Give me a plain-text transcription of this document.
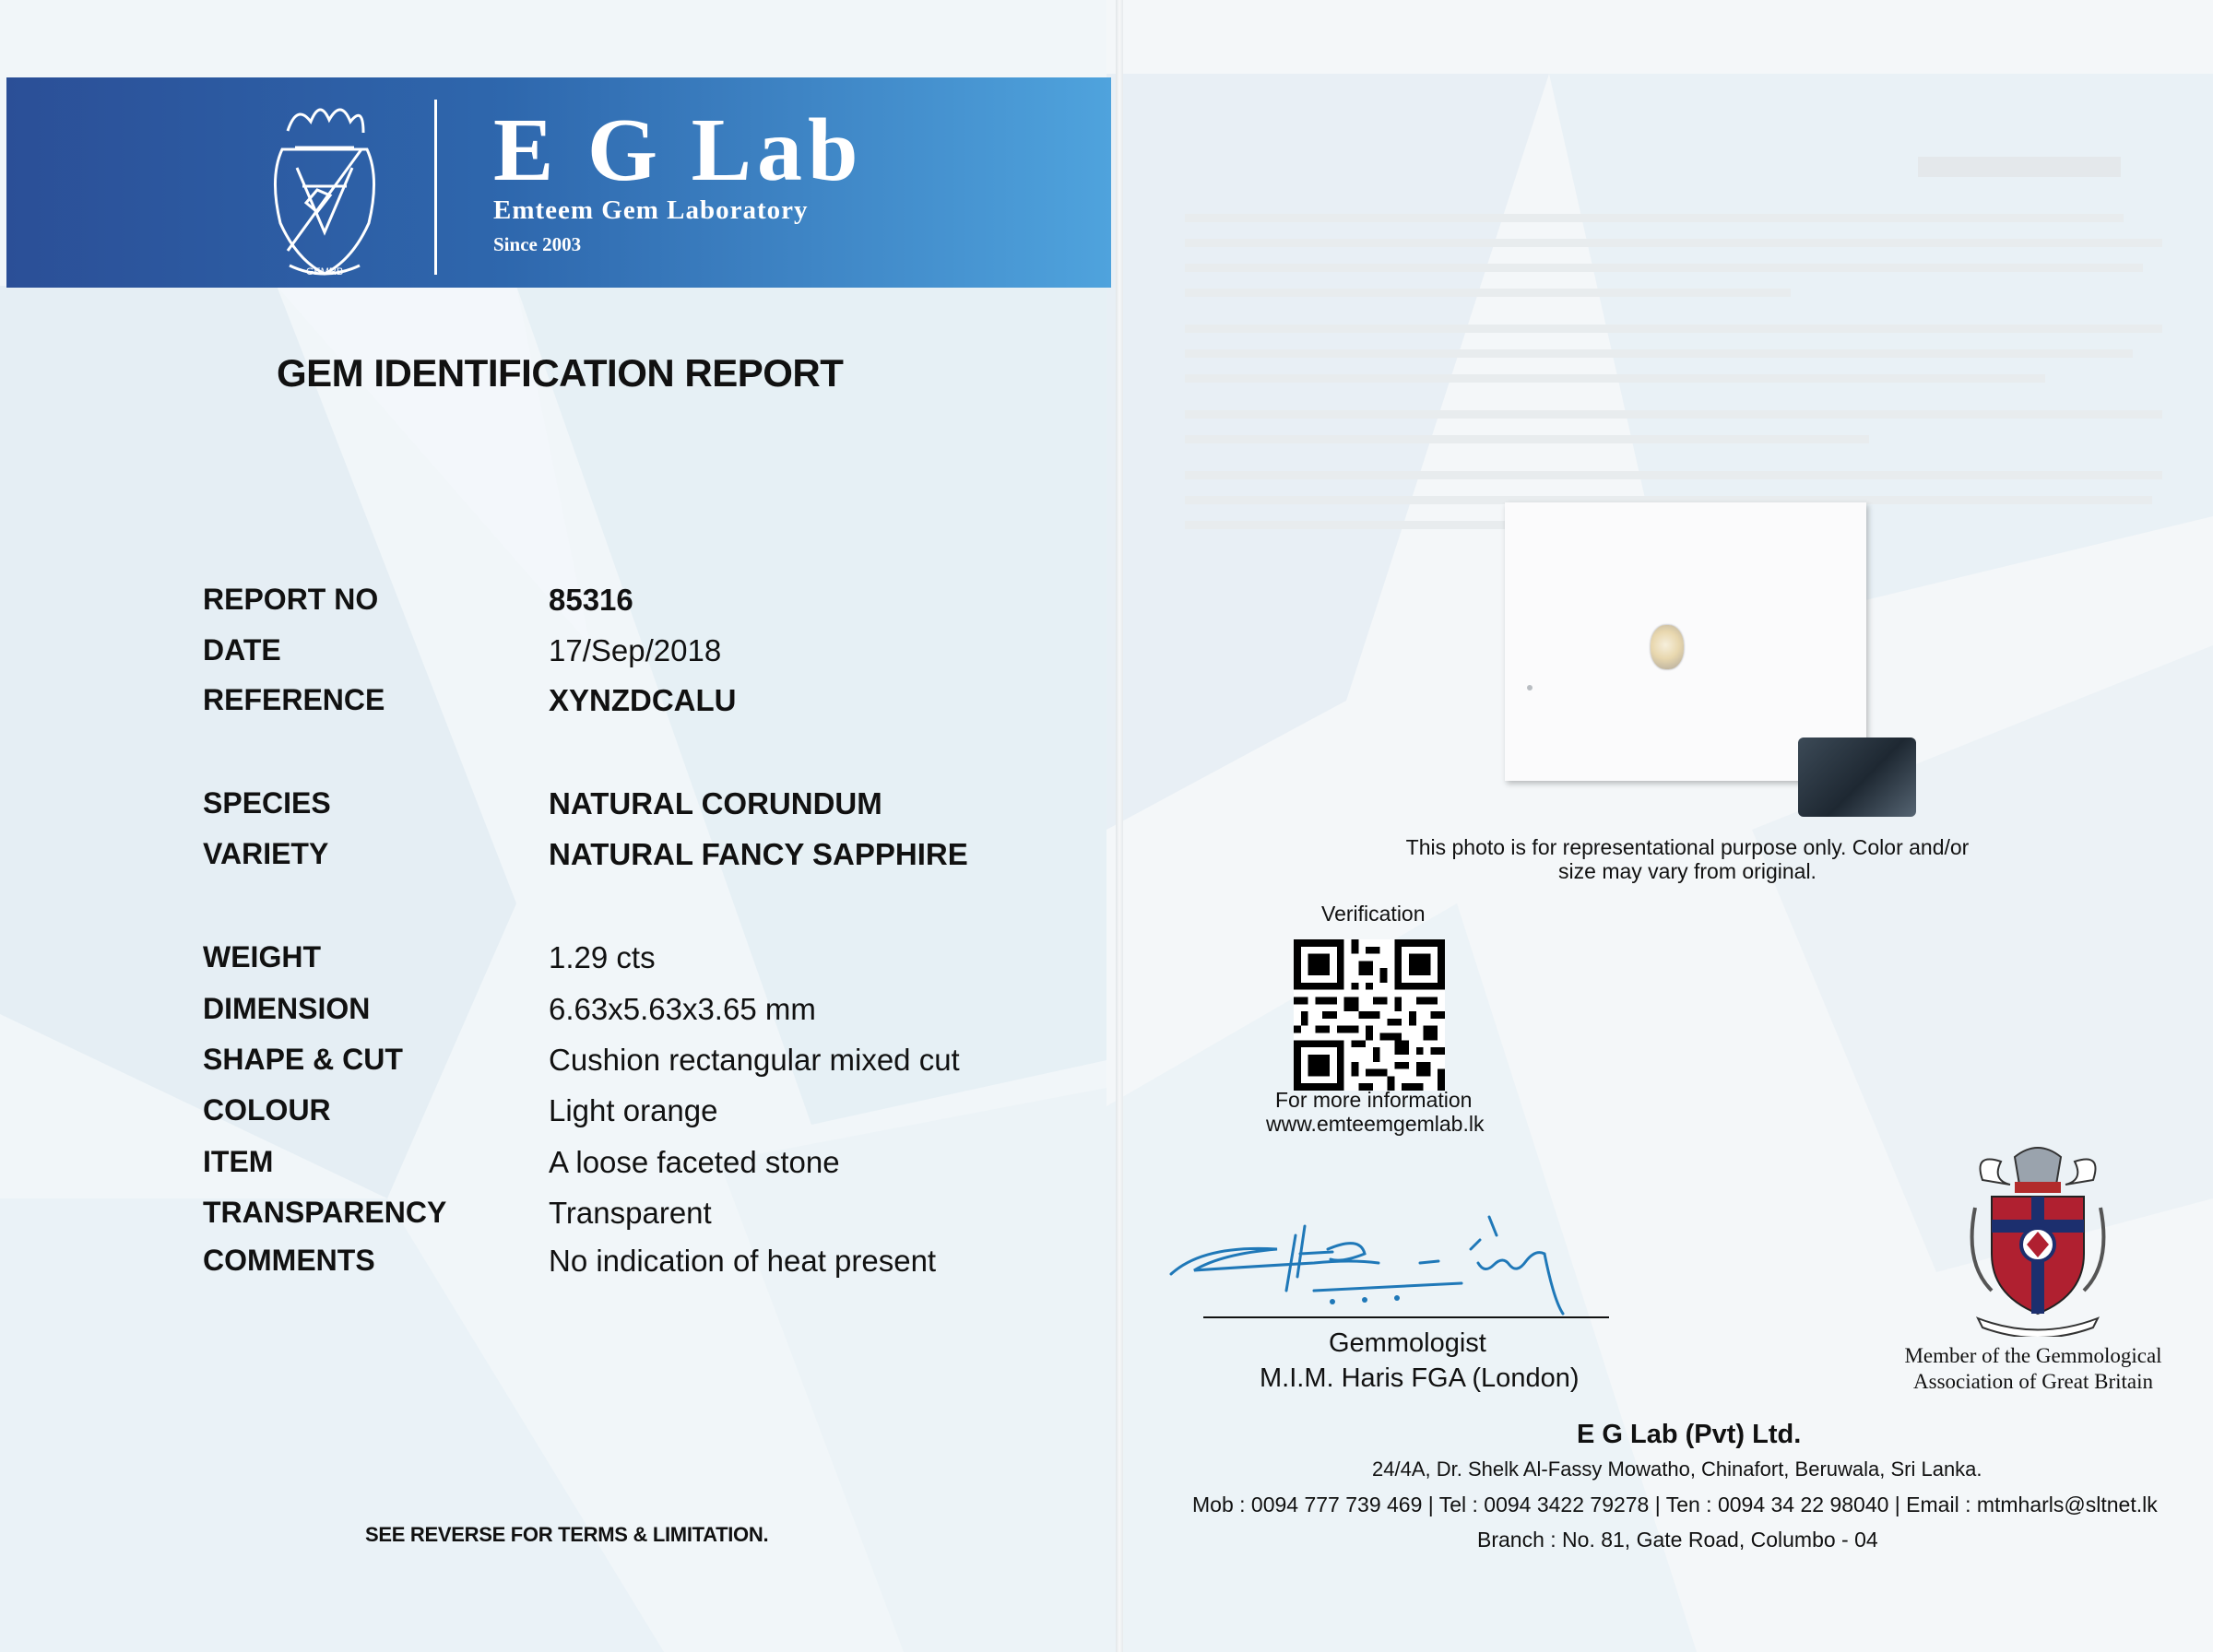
GEMRB
E G Lab
Emteem Gem Laboratory
Since 2003
GEM IDENTIFICATION REPORT
REPORT NO	85316
DATE	17/Sep/2018
REFERENCE	XYNZDCALU
SPECIES	NATURAL CORUNDUM
VARIETY	NATURAL FANCY SAPPHIRE
WEIGHT	1.29 cts
DIMENSION	6.63x5.63x3.65 mm
SHAPE & CUT	Cushion rectangular mixed cut
COLOUR	Light orange
ITEM	A loose faceted stone
TRANSPARENCY	Transparent
COMMENTS	No indication of heat present
SEE REVERSE FOR TERMS & LIMITATION.
This photo is for representational purpose only. Color and/or
size may vary from original.
Verification
For more information
www.emteemgemlab.lk
Gemmologist
M.I.M. Haris FGA (London)
Member of the Gemmological
Association of Great Britain
E G Lab (Pvt) Ltd.
24/4A, Dr. Shelk Al-Fassy Mowatho, Chinafort, Beruwala, Sri Lanka.
Mob : 0094 777 739 469 | Tel : 0094 3422 79278 | Ten : 0094 34 22 98040 | Email : mtmharls@sltnet.lk
Branch : No. 81, Gate Road, Columbo - 04
